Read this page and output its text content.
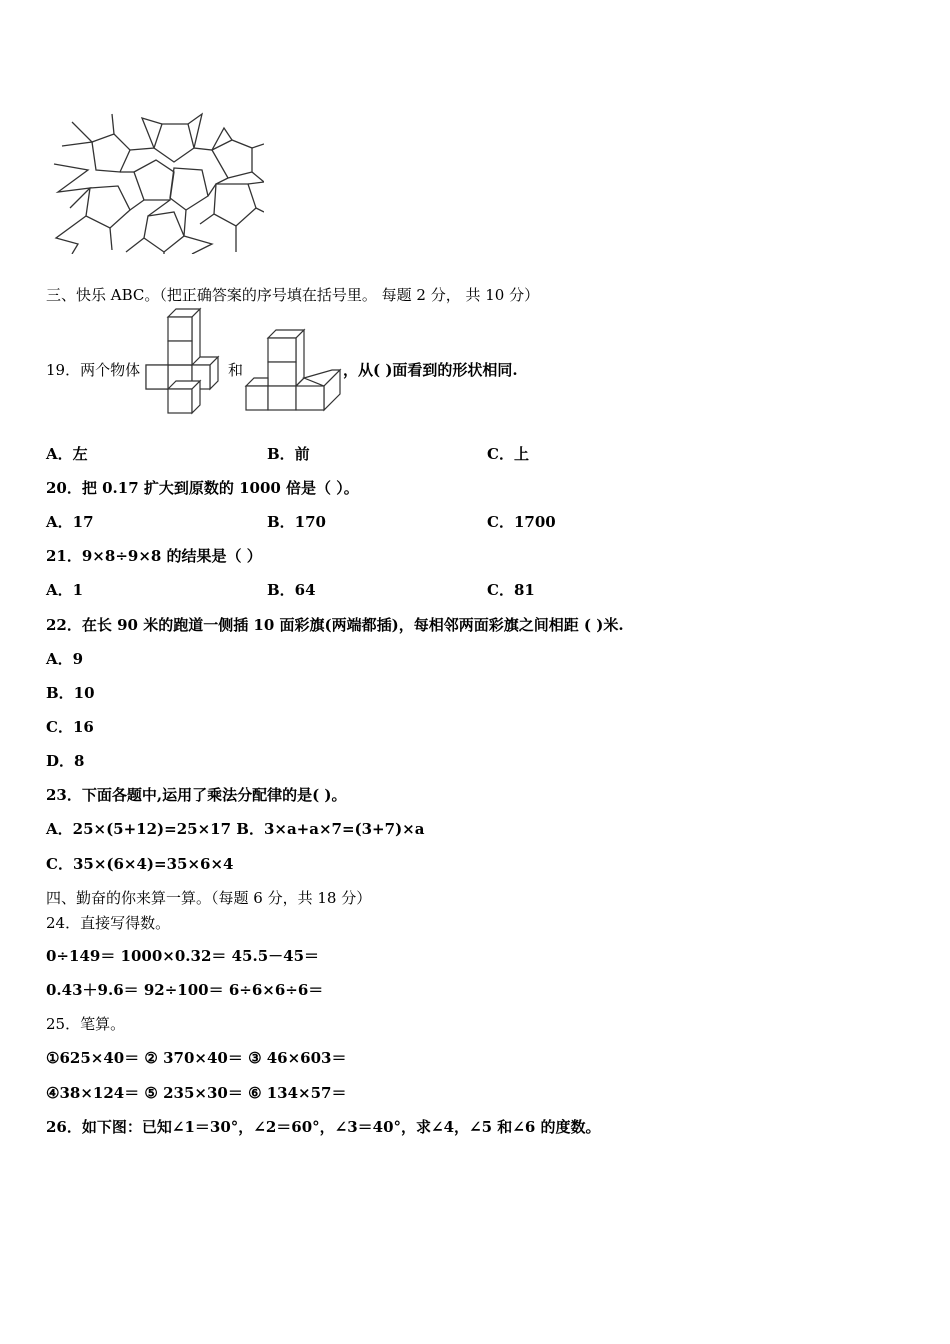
三、快乐 ABC。（把正确答案的序号填在括号里。 每题 2 分， 共 10 分）
19．两个物体	和	，从( )面看到的形状相同.
A．左	B．前	C．上
20．把 0.17 扩大到原数的 1000 倍是（ ）。
A．17	B．170	C．1700
21．9×8÷9×8 的结果是（ ）
A．1	B．64	C．81
22．在长 90 米的跑道一侧插 10 面彩旗(两端都插)，每相邻两面彩旗之间相距 ( )米.
A．9
B．10
C．16
D．8
23．下面各题中,运用了乘法分配律的是( )。
A．25×(5+12)=25×17 B．3×a+a×7=(3+7)×a
C．35×(6×4)=35×6×4
四、勤奋的你来算一算。（每题 6 分，共 18 分）
24．直接写得数。
0÷149＝ 1000×0.32＝ 45.5－45＝
0.43＋9.6＝ 92÷100＝ 6÷6×6÷6＝
25．笔算。
①625×40＝ ② 370×40＝ ③ 46×603＝
④38×124＝ ⑤ 235×30＝ ⑥ 134×57＝
26．如下图：已知∠1＝30°，∠2＝60°，∠3＝40°，求∠4，∠5 和∠6 的度数。
